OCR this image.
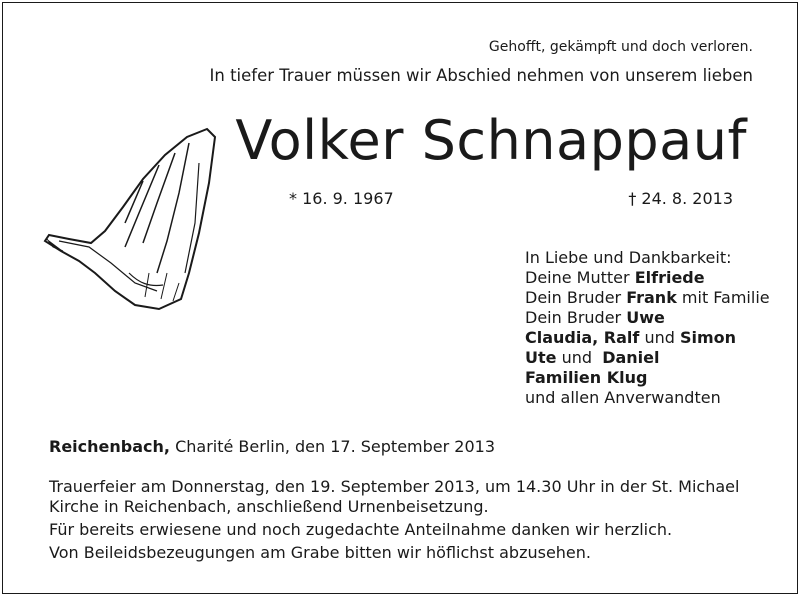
Gehofft, gekämpft und doch verloren.
In tiefer Trauer müssen wir Abschied nehmen von unserem lieben
Volker Schnappauf
* 16. 9. 1967	† 24. 8. 2013
In Liebe und Dankbarkeit:
Deine Mutter Elfriede
Dein Bruder Frank mit Familie
Dein Bruder Uwe
Claudia, Ralf und Simon
Ute und  Daniel
Familien Klug
und allen Anverwandten
Reichenbach, Charité Berlin, den 17. September 2013

Trauerfeier am Donnerstag, den 19. September 2013, um 14.30 Uhr in der St. Michael Kirche in Reichenbach, anschließend Urnenbeisetzung.

Für bereits erwiesene und noch zugedachte Anteilnahme danken wir herzlich.

Von Beileidsbezeugungen am Grabe bitten wir höflichst abzusehen.
